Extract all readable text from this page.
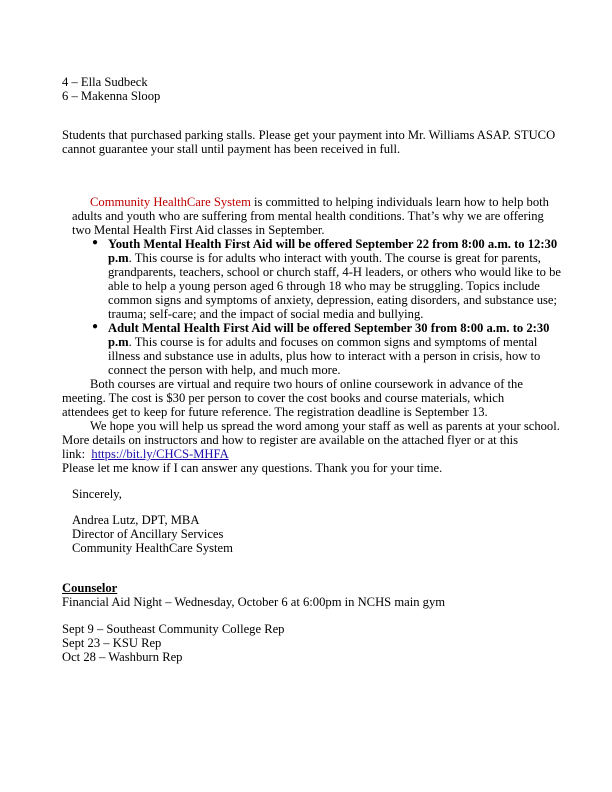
4 – Ella Sudbeck
6 – Makenna Sloop
Students that purchased parking stalls. Please get your payment into Mr. Williams ASAP. STUCO
cannot guarantee your stall until payment has been received in full.
Community HealthCare System is committed to helping individuals learn how to help both
adults and youth who are suffering from mental health conditions. That’s why we are offering
two Mental Health First Aid classes in September.
● Youth Mental Health First Aid will be offered September 22 from 8:00 a.m. to 12:30
p.m. This course is for adults who interact with youth. The course is great for parents,
grandparents, teachers, school or church staff, 4-H leaders, or others who would like to be
able to help a young person aged 6 through 18 who may be struggling. Topics include
common signs and symptoms of anxiety, depression, eating disorders, and substance use;
trauma; self-care; and the impact of social media and bullying.
● Adult Mental Health First Aid will be offered September 30 from 8:00 a.m. to 2:30
p.m. This course is for adults and focuses on common signs and symptoms of mental
illness and substance use in adults, plus how to interact with a person in crisis, how to
connect the person with help, and much more.
Both courses are virtual and require two hours of online coursework in advance of the
meeting. The cost is $30 per person to cover the cost books and course materials, which
attendees get to keep for future reference. The registration deadline is September 13.
We hope you will help us spread the word among your staff as well as parents at your school.
More details on instructors and how to register are available on the attached flyer or at this
link:  https://bit.ly/CHCS-MHFA
Please let me know if I can answer any questions. Thank you for your time.
Sincerely,
Andrea Lutz, DPT, MBA
Director of Ancillary Services
Community HealthCare System
Counselor
Financial Aid Night – Wednesday, October 6 at 6:00pm in NCHS main gym
Sept 9 – Southeast Community College Rep
Sept 23 – KSU Rep
Oct 28 – Washburn Rep
